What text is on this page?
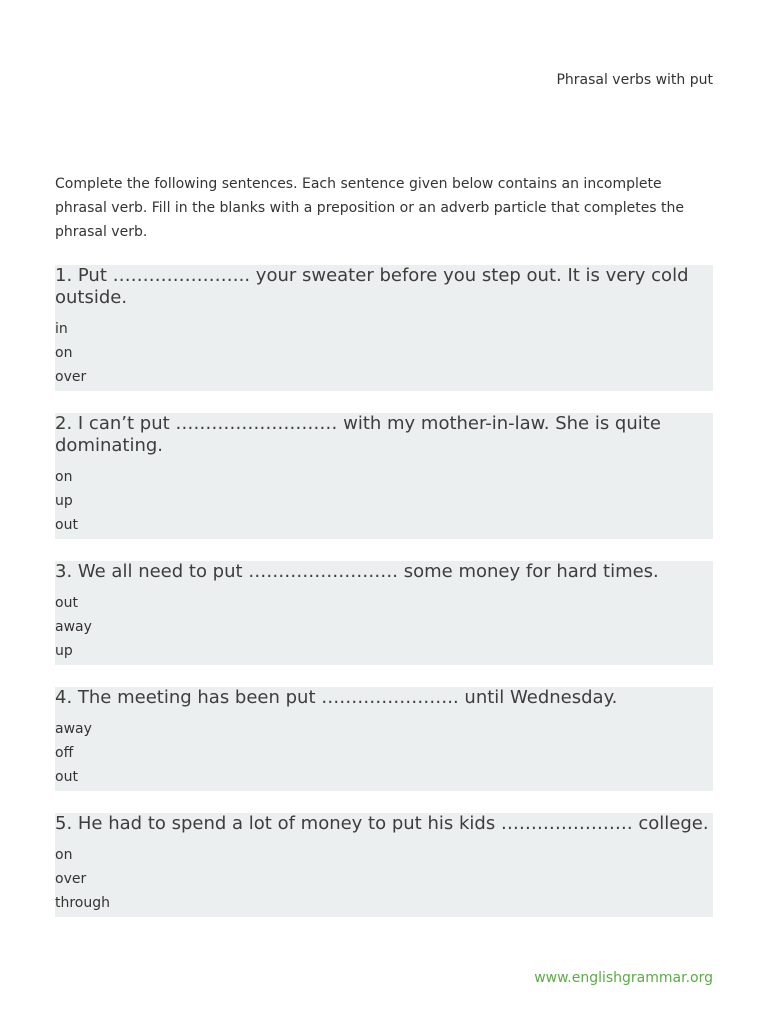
Phrasal verbs with put
Complete the following sentences. Each sentence given below contains an incomplete phrasal verb. Fill in the blanks with a preposition or an adverb particle that completes the phrasal verb.
1. Put ………………….. your sweater before you step out. It is very cold outside.
in
on
over
2. I can’t put ……………………… with my mother-in-law. She is quite dominating.
on
up
out
3. We all need to put ……………………. some money for hard times.
out
away
up
4. The meeting has been put ………………….. until Wednesday.
away
off
out
5. He had to spend a lot of money to put his kids …………………. college.
on
over
through
www.englishgrammar.org
